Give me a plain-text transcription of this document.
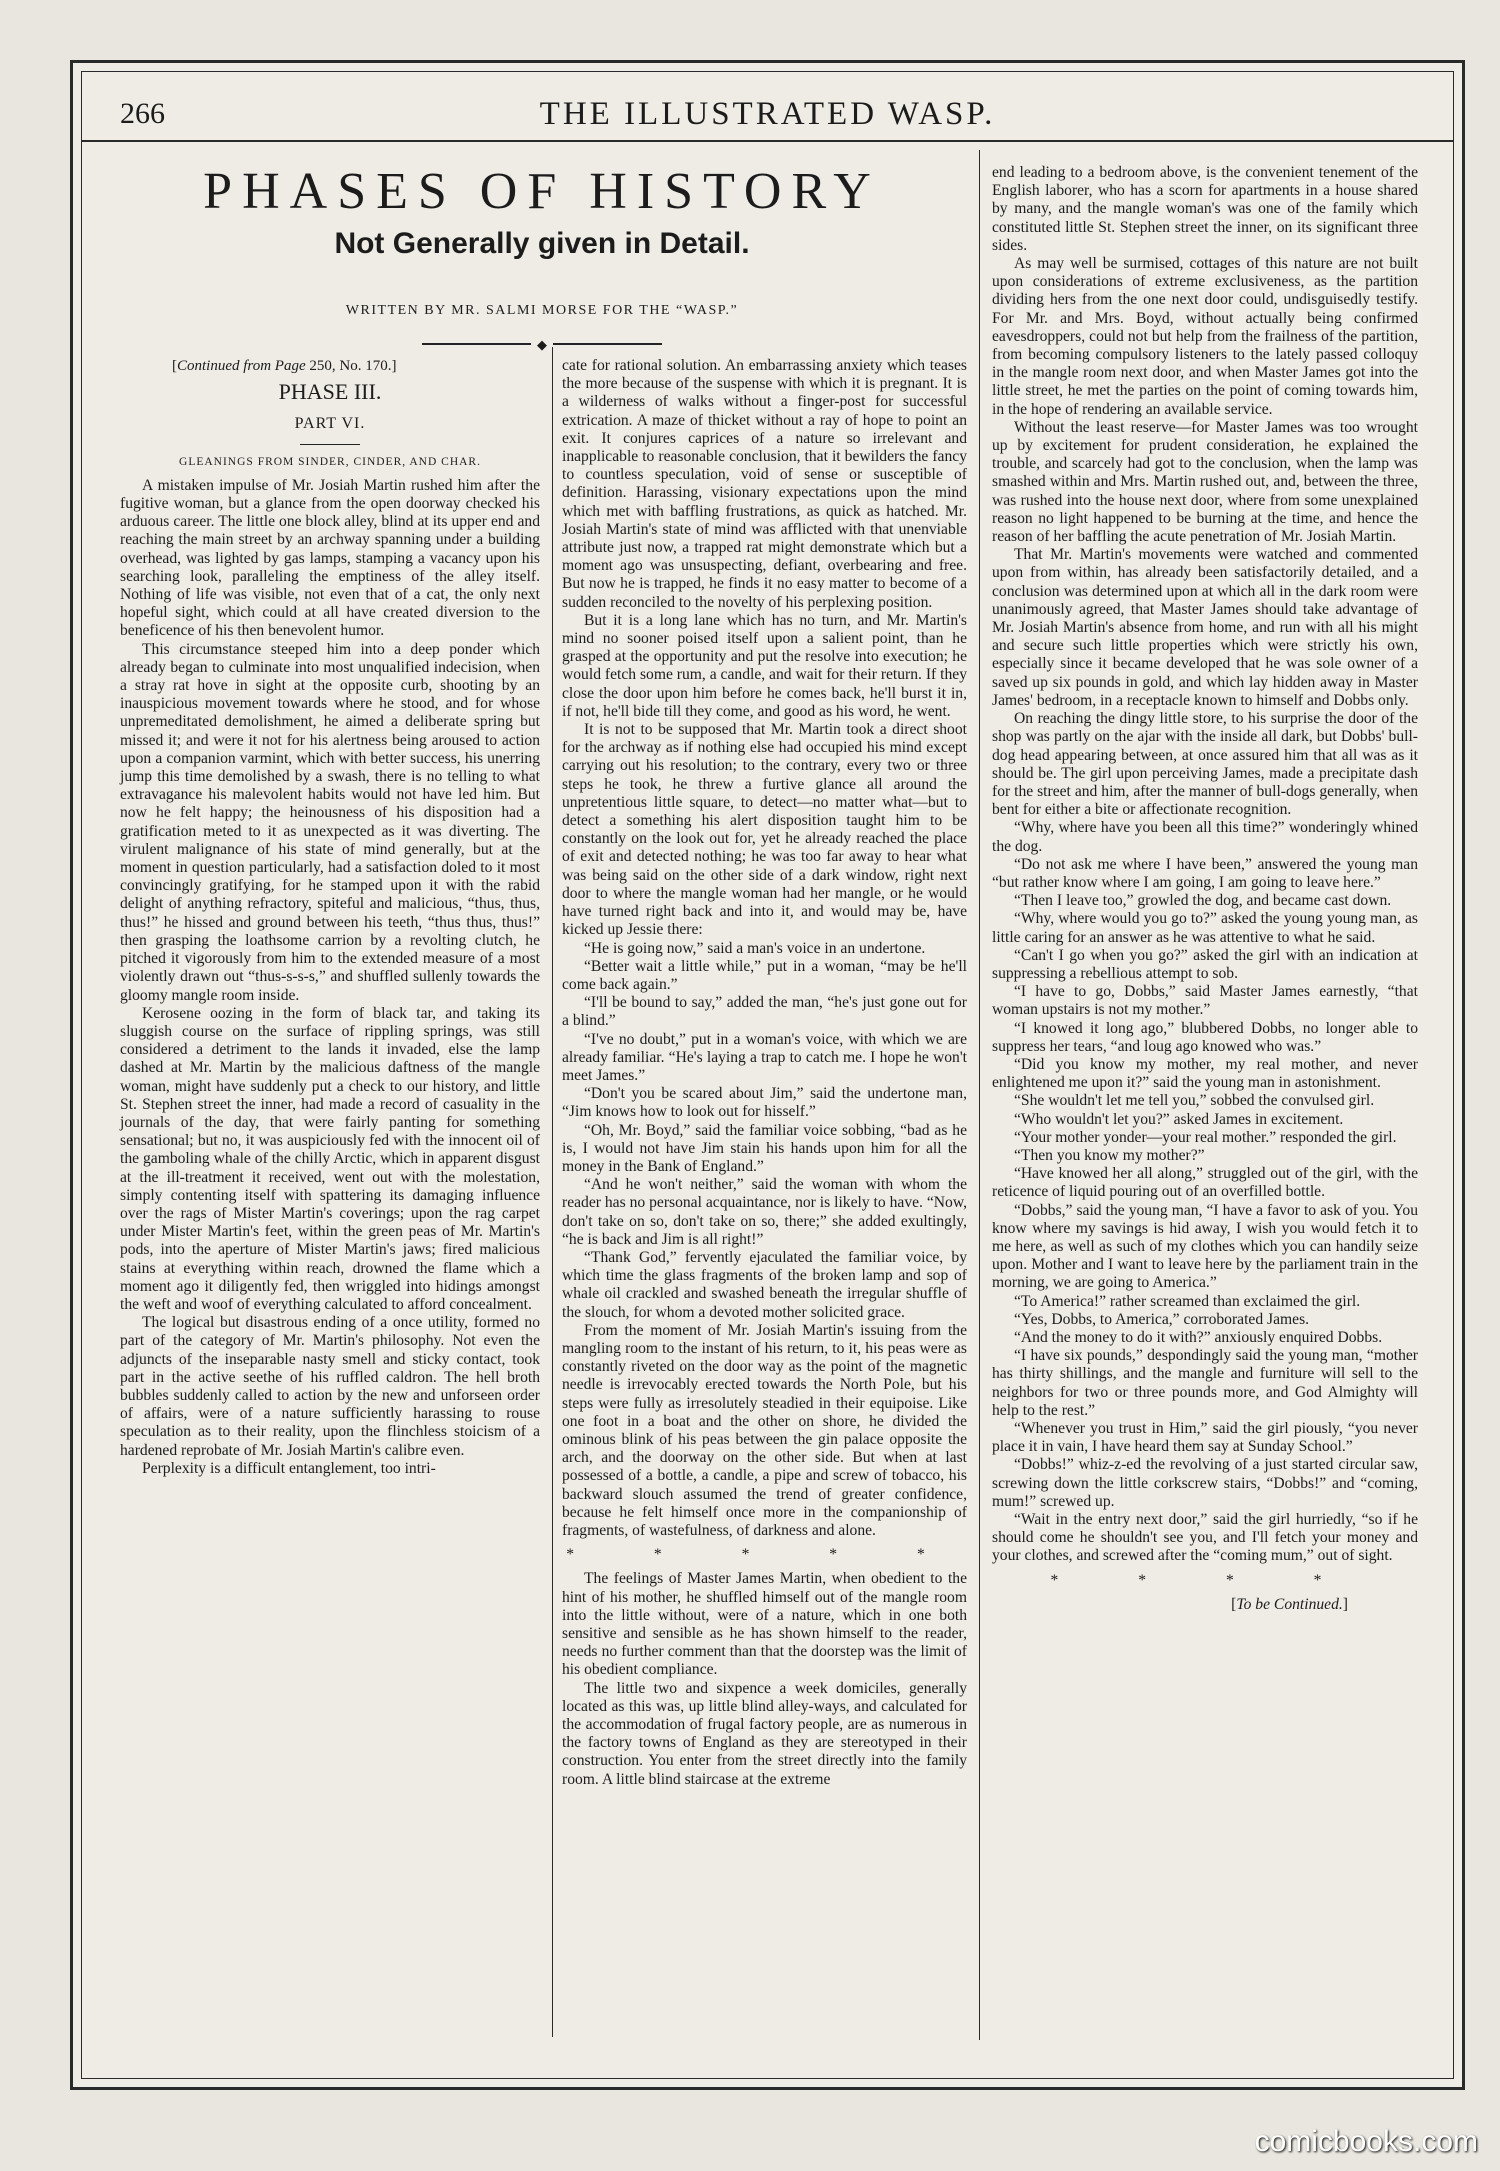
266	THE ILLUSTRATED WASP.
PHASES OF HISTORY
Not Generally given in Detail.
WRITTEN BY MR. SALMI MORSE FOR THE “WASP.”
◆
[Continued from Page 250, No. 170.]
PHASE III.
PART VI.
GLEANINGS FROM SINDER, CINDER, AND CHAR.

A mistaken impulse of Mr. Josiah Martin rushed him after the fugitive woman, but a glance from the open doorway checked his arduous career. The little one block alley, blind at its upper end and reaching the main street by an archway spanning under a building overhead, was lighted by gas lamps, stamping a vacancy upon his searching look, paralleling the emptiness of the alley itself. Nothing of life was visible, not even that of a cat, the only next hopeful sight, which could at all have created diversion to the beneficence of his then benevolent humor.

This circumstance steeped him into a deep ponder which already began to culminate into most unqualified indecision, when a stray rat hove in sight at the opposite curb, shooting by an inauspicious movement towards where he stood, and for whose unpremeditated demolishment, he aimed a deliberate spring but missed it; and were it not for his alertness being aroused to action upon a companion varmint, which with better success, his unerring jump this time demolished by a swash, there is no telling to what extravagance his malevolent habits would not have led him. But now he felt happy; the heinousness of his disposition had a gratification meted to it as unexpected as it was diverting. The virulent malignance of his state of mind generally, but at the moment in question particularly, had a satisfaction doled to it most convincingly gratifying, for he stamped upon it with the rabid delight of anything refractory, spiteful and malicious, “thus, thus, thus!” he hissed and ground between his teeth, “thus thus, thus!” then grasping the loathsome carrion by a revolting clutch, he pitched it vigorously from him to the extended measure of a most violently drawn out “thus-s-s-s,” and shuffled sullenly towards the gloomy mangle room inside.

Kerosene oozing in the form of black tar, and taking its sluggish course on the surface of rippling springs, was still considered a detriment to the lands it invaded, else the lamp dashed at Mr. Martin by the malicious daftness of the mangle woman, might have suddenly put a check to our history, and little St. Stephen street the inner, had made a record of casuality in the journals of the day, that were fairly panting for something sensational; but no, it was auspiciously fed with the innocent oil of the gamboling whale of the chilly Arctic, which in apparent disgust at the ill-treatment it received, went out with the molestation, simply contenting itself with spattering its damaging influence over the rags of Mister Martin's coverings; upon the rag carpet under Mister Martin's feet, within the green peas of Mr. Martin's pods, into the aperture of Mister Martin's jaws; fired malicious stains at everything within reach, drowned the flame which a moment ago it diligently fed, then wriggled into hidings amongst the weft and woof of everything calculated to afford concealment.

The logical but disastrous ending of a once utility, formed no part of the category of Mr. Martin's philosophy. Not even the adjuncts of the inseparable nasty smell and sticky contact, took part in the active seethe of his ruffled caldron. The hell broth bubbles suddenly called to action by the new and unforseen order of affairs, were of a nature sufficiently harassing to rouse speculation as to their reality, upon the flinchless stoicism of a hardened reprobate of Mr. Josiah Martin's calibre even.

Perplexity is a difficult entanglement, too intri-

cate for rational solution. An embarrassing anxiety which teases the more because of the suspense with which it is pregnant. It is a wilderness of walks without a finger-post for successful extrication. A maze of thicket without a ray of hope to point an exit. It conjures caprices of a nature so irrelevant and inapplicable to reasonable conclusion, that it bewilders the fancy to countless speculation, void of sense or susceptible of definition. Harassing, visionary expectations upon the mind which met with baffling frustrations, as quick as hatched. Mr. Josiah Martin's state of mind was afflicted with that unenviable attribute just now, a trapped rat might demonstrate which but a moment ago was unsuspecting, defiant, overbearing and free. But now he is trapped, he finds it no easy matter to become of a sudden reconciled to the novelty of his perplexing position.

But it is a long lane which has no turn, and Mr. Martin's mind no sooner poised itself upon a salient point, than he grasped at the opportunity and put the resolve into execution; he would fetch some rum, a candle, and wait for their return. If they close the door upon him before he comes back, he'll burst it in, if not, he'll bide till they come, and good as his word, he went.

It is not to be supposed that Mr. Martin took a direct shoot for the archway as if nothing else had occupied his mind except carrying out his resolution; to the contrary, every two or three steps he took, he threw a furtive glance all around the unpretentious little square, to detect—no matter what—but to detect a something his alert disposition taught him to be constantly on the look out for, yet he already reached the place of exit and detected nothing; he was too far away to hear what was being said on the other side of a dark window, right next door to where the mangle woman had her mangle, or he would have turned right back and into it, and would may be, have kicked up Jessie there:

“He is going now,” said a man's voice in an undertone.

“Better wait a little while,” put in a woman, “may be he'll come back again.”

“I'll be bound to say,” added the man, “he's just gone out for a blind.”

“I've no doubt,” put in a woman's voice, with which we are already familiar. “He's laying a trap to catch me. I hope he won't meet James.”

“Don't you be scared about Jim,” said the undertone man, “Jim knows how to look out for hisself.”

“Oh, Mr. Boyd,” said the familiar voice sobbing, “bad as he is, I would not have Jim stain his hands upon him for all the money in the Bank of England.”

“And he won't neither,” said the woman with whom the reader has no personal acquaintance, nor is likely to have. “Now, don't take on so, don't take on so, there;” she added exultingly, “he is back and Jim is all right!”

“Thank God,” fervently ejaculated the familiar voice, by which time the glass fragments of the broken lamp and sop of whale oil crackled and swashed beneath the irregular shuffle of the slouch, for whom a devoted mother solicited grace.

From the moment of Mr. Josiah Martin's issuing from the mangling room to the instant of his return, to it, his peas were as constantly riveted on the door way as the point of the magnetic needle is irrevocably erected towards the North Pole, but his steps were fully as irresolutely steadied in their equipoise. Like one foot in a boat and the other on shore, he divided the ominous blink of his peas between the gin palace opposite the arch, and the doorway on the other side. But when at last possessed of a bottle, a candle, a pipe and screw of tobacco, his backward slouch assumed the trend of greater confidence, because he felt himself once more in the companionship of fragments, of wastefulness, of darkness and alone.

* * * * *

The feelings of Master James Martin, when obedient to the hint of his mother, he shuffled himself out of the mangle room into the little without, were of a nature, which in one both sensitive and sensible as he has shown himself to the reader, needs no further comment than that the doorstep was the limit of his obedient compliance.

The little two and sixpence a week domiciles, generally located as this was, up little blind alley-ways, and calculated for the accommodation of frugal factory people, are as numerous in the factory towns of England as they are stereotyped in their construction. You enter from the street directly into the family room. A little blind staircase at the extreme

end leading to a bedroom above, is the convenient tenement of the English laborer, who has a scorn for apartments in a house shared by many, and the mangle woman's was one of the family which constituted little St. Stephen street the inner, on its significant three sides.

As may well be surmised, cottages of this nature are not built upon considerations of extreme exclusiveness, as the partition dividing hers from the one next door could, undisguisedly testify. For Mr. and Mrs. Boyd, without actually being confirmed eavesdroppers, could not but help from the frailness of the partition, from becoming compulsory listeners to the lately passed colloquy in the mangle room next door, and when Master James got into the little street, he met the parties on the point of coming towards him, in the hope of rendering an available service.

Without the least reserve—for Master James was too wrought up by excitement for prudent consideration, he explained the trouble, and scarcely had got to the conclusion, when the lamp was smashed within and Mrs. Martin rushed out, and, between the three, was rushed into the house next door, where from some unexplained reason no light happened to be burning at the time, and hence the reason of her baffling the acute penetration of Mr. Josiah Martin.

That Mr. Martin's movements were watched and commented upon from within, has already been satisfactorily detailed, and a conclusion was determined upon at which all in the dark room were unanimously agreed, that Master James should take advantage of Mr. Josiah Martin's absence from home, and run with all his might and secure such little properties which were strictly his own, especially since it became developed that he was sole owner of a saved up six pounds in gold, and which lay hidden away in Master James' bedroom, in a receptacle known to himself and Dobbs only.

On reaching the dingy little store, to his surprise the door of the shop was partly on the ajar with the inside all dark, but Dobbs' bull-dog head appearing between, at once assured him that all was as it should be. The girl upon perceiving James, made a precipitate dash for the street and him, after the manner of bull-dogs generally, when bent for either a bite or affectionate recognition.

“Why, where have you been all this time?” wonderingly whined the dog.

“Do not ask me where I have been,” answered the young man “but rather know where I am going, I am going to leave here.”

“Then I leave too,” growled the dog, and became cast down.

“Why, where would you go to?” asked the young young man, as little caring for an answer as he was attentive to what he said.

“Can't I go when you go?” asked the girl with an indication at suppressing a rebellious attempt to sob.

“I have to go, Dobbs,” said Master James earnestly, “that woman upstairs is not my mother.”

“I knowed it long ago,” blubbered Dobbs, no longer able to suppress her tears, “and loug ago knowed who was.”

“Did you know my mother, my real mother, and never enlightened me upon it?” said the young man in astonishment.

“She wouldn't let me tell you,” sobbed the convulsed girl.

“Who wouldn't let you?” asked James in excitement.

“Your mother yonder—your real mother.” responded the girl.

“Then you know my mother?”

“Have knowed her all along,” struggled out of the girl, with the reticence of liquid pouring out of an overfilled bottle.

“Dobbs,” said the young man, “I have a favor to ask of you. You know where my savings is hid away, I wish you would fetch it to me here, as well as such of my clothes which you can handily seize upon. Mother and I want to leave here by the parliament train in the morning, we are going to America.”

“To America!” rather screamed than exclaimed the girl.

“Yes, Dobbs, to America,” corroborated James.

“And the money to do it with?” anxiously enquired Dobbs.

“I have six pounds,” despondingly said the young man, “mother has thirty shillings, and the mangle and furniture will sell to the neighbors for two or three pounds more, and God Almighty will help to the rest.”

“Whenever you trust in Him,” said the girl piously, “you never place it in vain, I have heard them say at Sunday School.”

“Dobbs!” whiz-z-ed the revolving of a just started circular saw, screwing down the little corkscrew stairs, “Dobbs!” and “coming, mum!” screwed up.

“Wait in the entry next door,” said the girl hurriedly, “so if he should come he shouldn't see you, and I'll fetch your money and your clothes, and screwed after the “coming mum,” out of sight.

* * * *
[To be Continued.]
comicbooks.com
